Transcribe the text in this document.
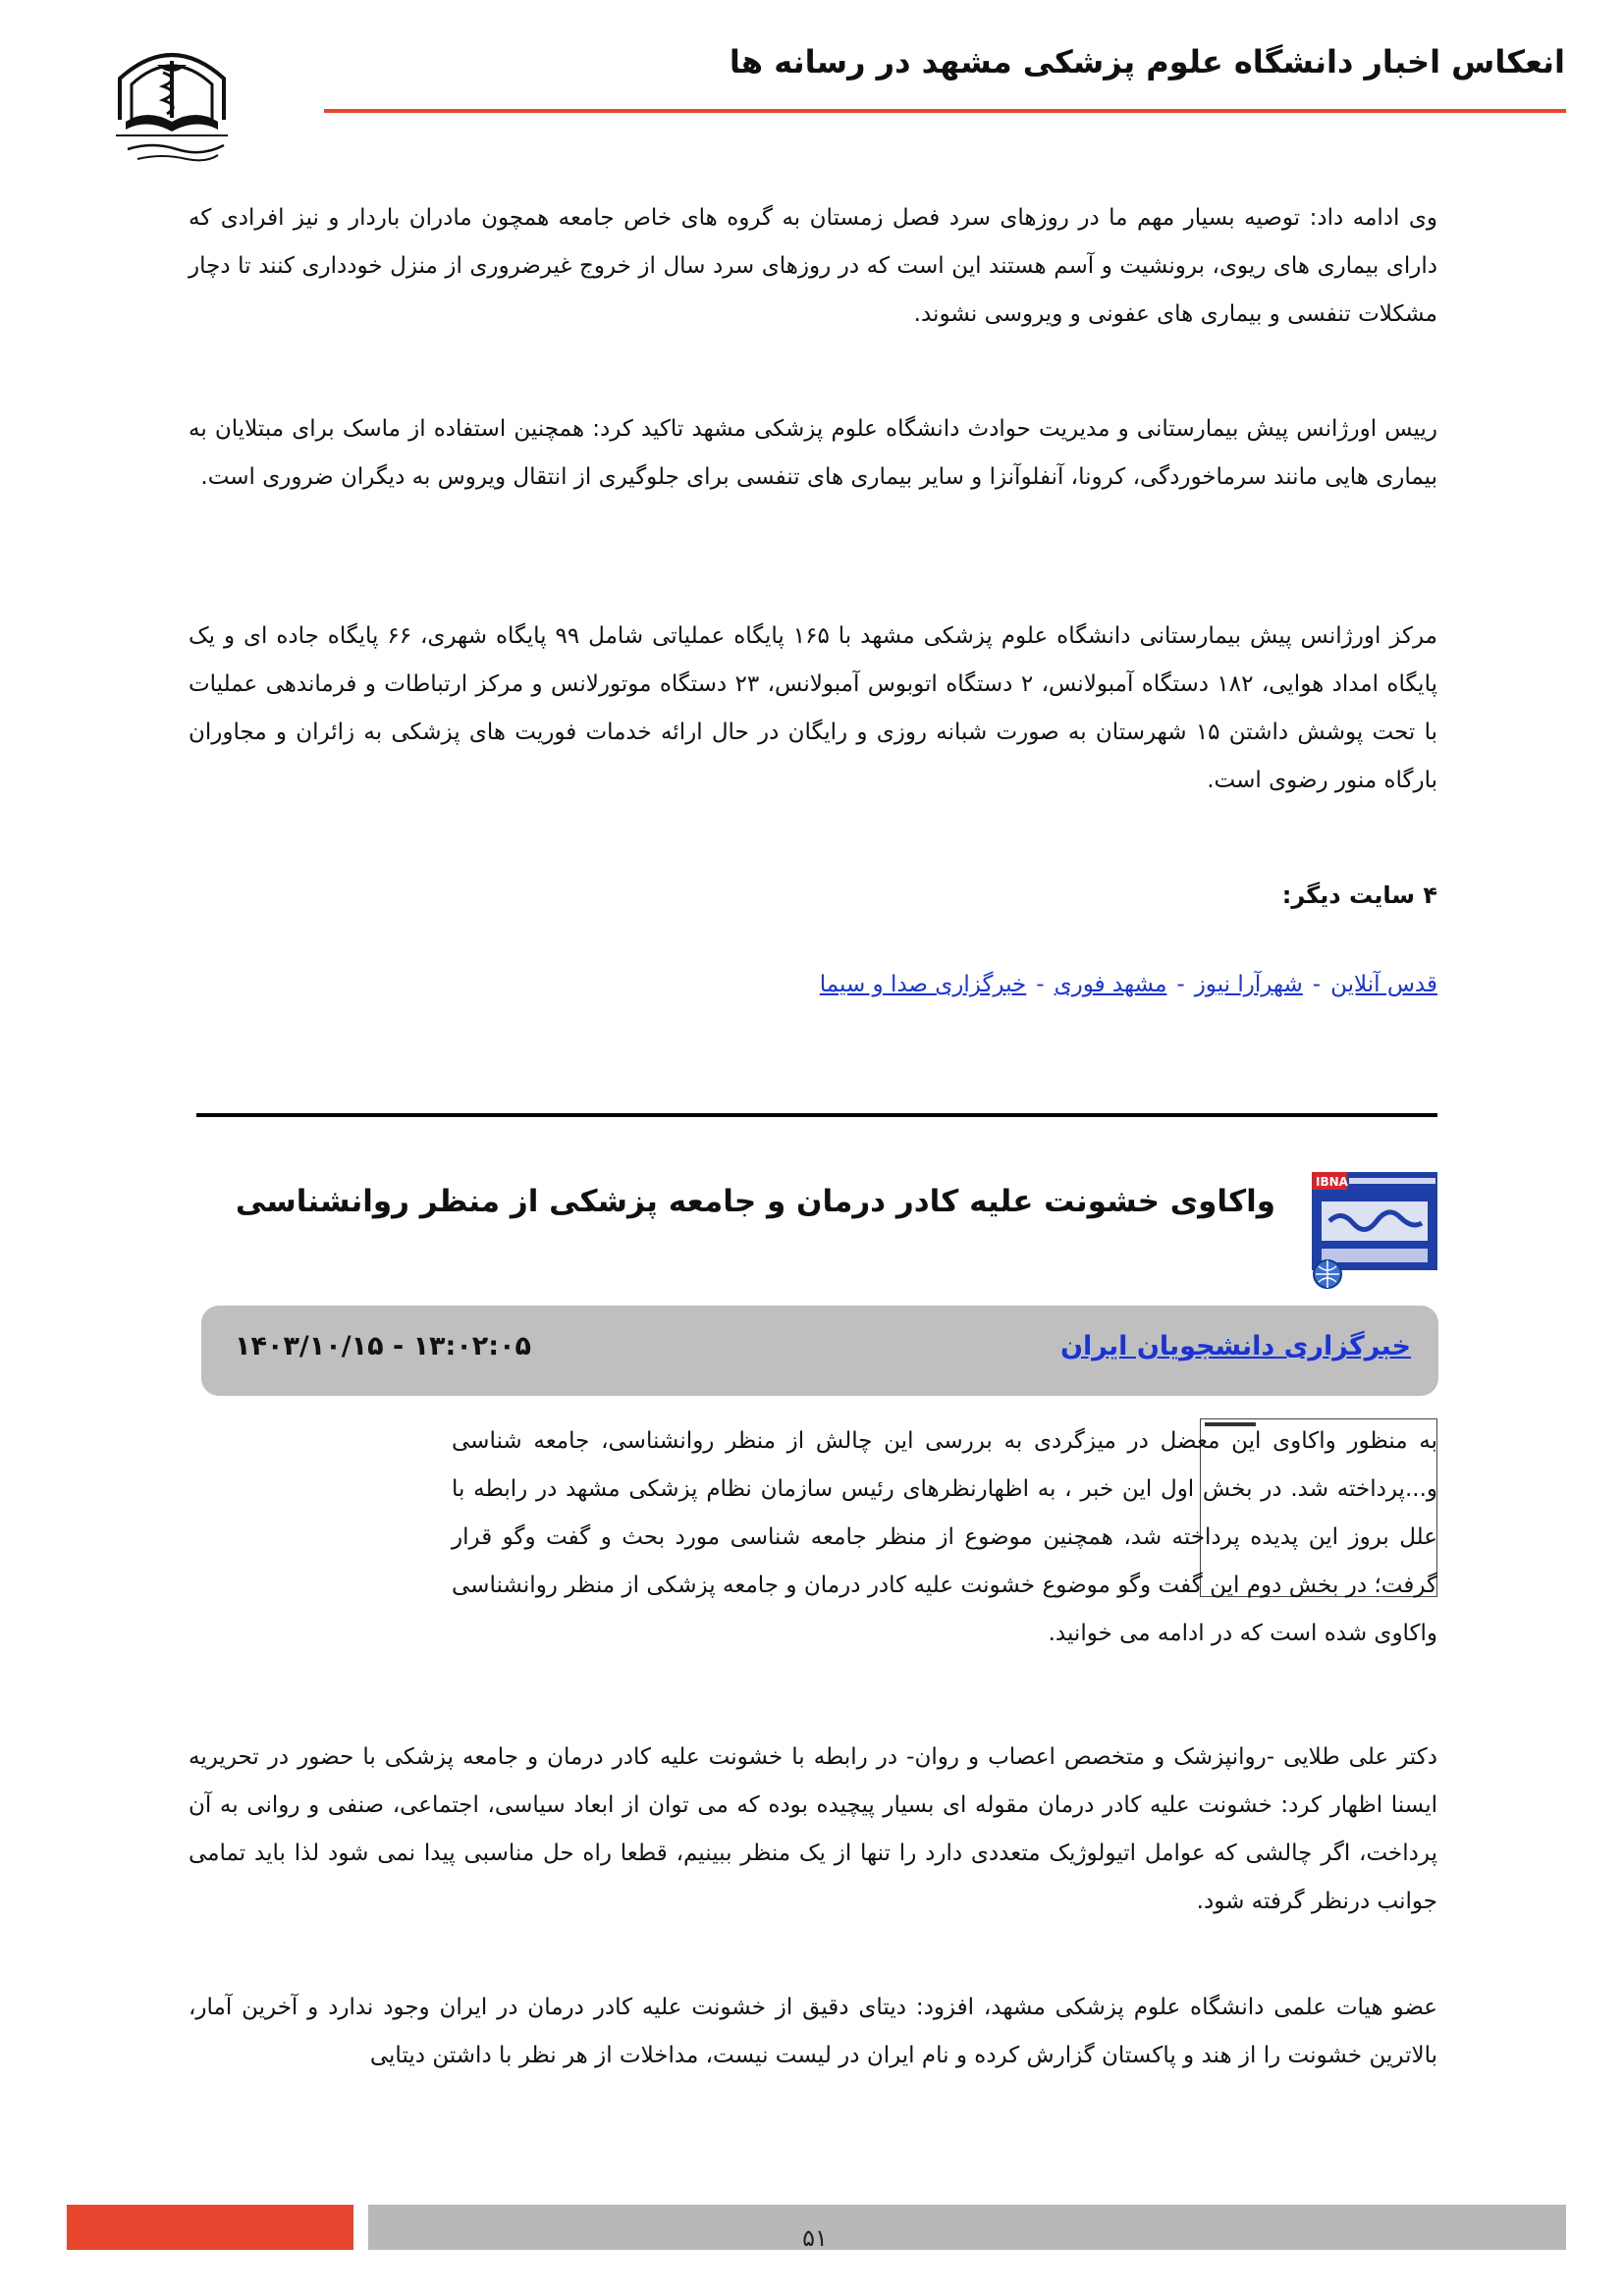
انعکاس اخبار دانشگاه علوم پزشکی مشهد در رسانه ها
وی ادامه داد: توصیه بسیار مهم ما در روزهای سرد فصل زمستان به گروه های خاص جامعه همچون مادران باردار و نیز افرادی که دارای بیماری های ریوی، برونشیت و آسم هستند این است که در روزهای سرد سال از خروج غیرضروری از منزل خودداری کنند تا دچار مشکلات تنفسی و بیماری های عفونی و ویروسی نشوند.
رییس اورژانس پیش بیمارستانی و مدیریت حوادث دانشگاه علوم پزشکی مشهد تاکید کرد: همچنین استفاده از ماسک برای مبتلایان به بیماری هایی مانند سرماخوردگی، کرونا، آنفلوآنزا و سایر بیماری های تنفسی برای جلوگیری از انتقال ویروس به دیگران ضروری است.
مرکز اورژانس پیش بیمارستانی دانشگاه علوم پزشکی مشهد با ۱۶۵ پایگاه عملیاتی شامل ۹۹ پایگاه شهری، ۶۶ پایگاه جاده ای و یک پایگاه امداد هوایی، ۱۸۲ دستگاه آمبولانس، ۲ دستگاه اتوبوس آمبولانس، ۲۳ دستگاه موتورلانس و مرکز ارتباطات و فرماندهی عملیات با تحت پوشش داشتن ۱۵ شهرستان به صورت شبانه روزی و رایگان در حال ارائه خدمات فوریت های پزشکی به زائران و مجاوران بارگاه منور رضوی است.
۴ سایت دیگر:
قدس آنلاین-شهرآرا نیوز-مشهد فوری-خبرگزاری صدا و سیما
IBNA
واکاوی خشونت علیه کادر درمان و جامعه پزشکی از منظر روانشناسی
خبرگزاری دانشجویان ایران
۱۴۰۳/۱۰/۱۵ - ۱۳:۰۲:۰۵
به منظور واکاوی این معضل در میزگردی به بررسی این چالش از منظر روانشناسی، جامعه شناسی و...پرداخته شد. در بخش اول این خبر ، به اظهارنظرهای رئیس سازمان نظام پزشکی مشهد در رابطه با علل بروز این پدیده پرداخته شد، همچنین موضوع از منظر جامعه شناسی مورد بحث و گفت وگو قرار گرفت؛ در بخش دوم این گفت وگو موضوع خشونت علیه کادر درمان و جامعه پزشکی از منظر روانشناسی واکاوی شده است که در ادامه می خوانید.
دکتر علی طلایی -روانپزشک و متخصص اعصاب و روان- در رابطه با خشونت علیه کادر درمان و جامعه پزشکی با حضور در تحریریه ایسنا اظهار کرد: خشونت علیه کادر درمان مقوله ای بسیار پیچیده بوده که می توان از ابعاد سیاسی، اجتماعی، صنفی و روانی به آن پرداخت، اگر چالشی که عوامل اتیولوژیک متعددی دارد را تنها از یک منظر ببینیم، قطعا راه حل مناسبی پیدا نمی شود لذا باید تمامی جوانب درنظر گرفته شود.
عضو هیات علمی دانشگاه علوم پزشکی مشهد، افزود: دیتای دقیق از خشونت علیه کادر درمان در ایران وجود ندارد و آخرین آمار، بالاترین خشونت را از هند و پاکستان گزارش کرده و نام ایران در لیست نیست، مداخلات از هر نظر با داشتن دیتایی
۵۱
